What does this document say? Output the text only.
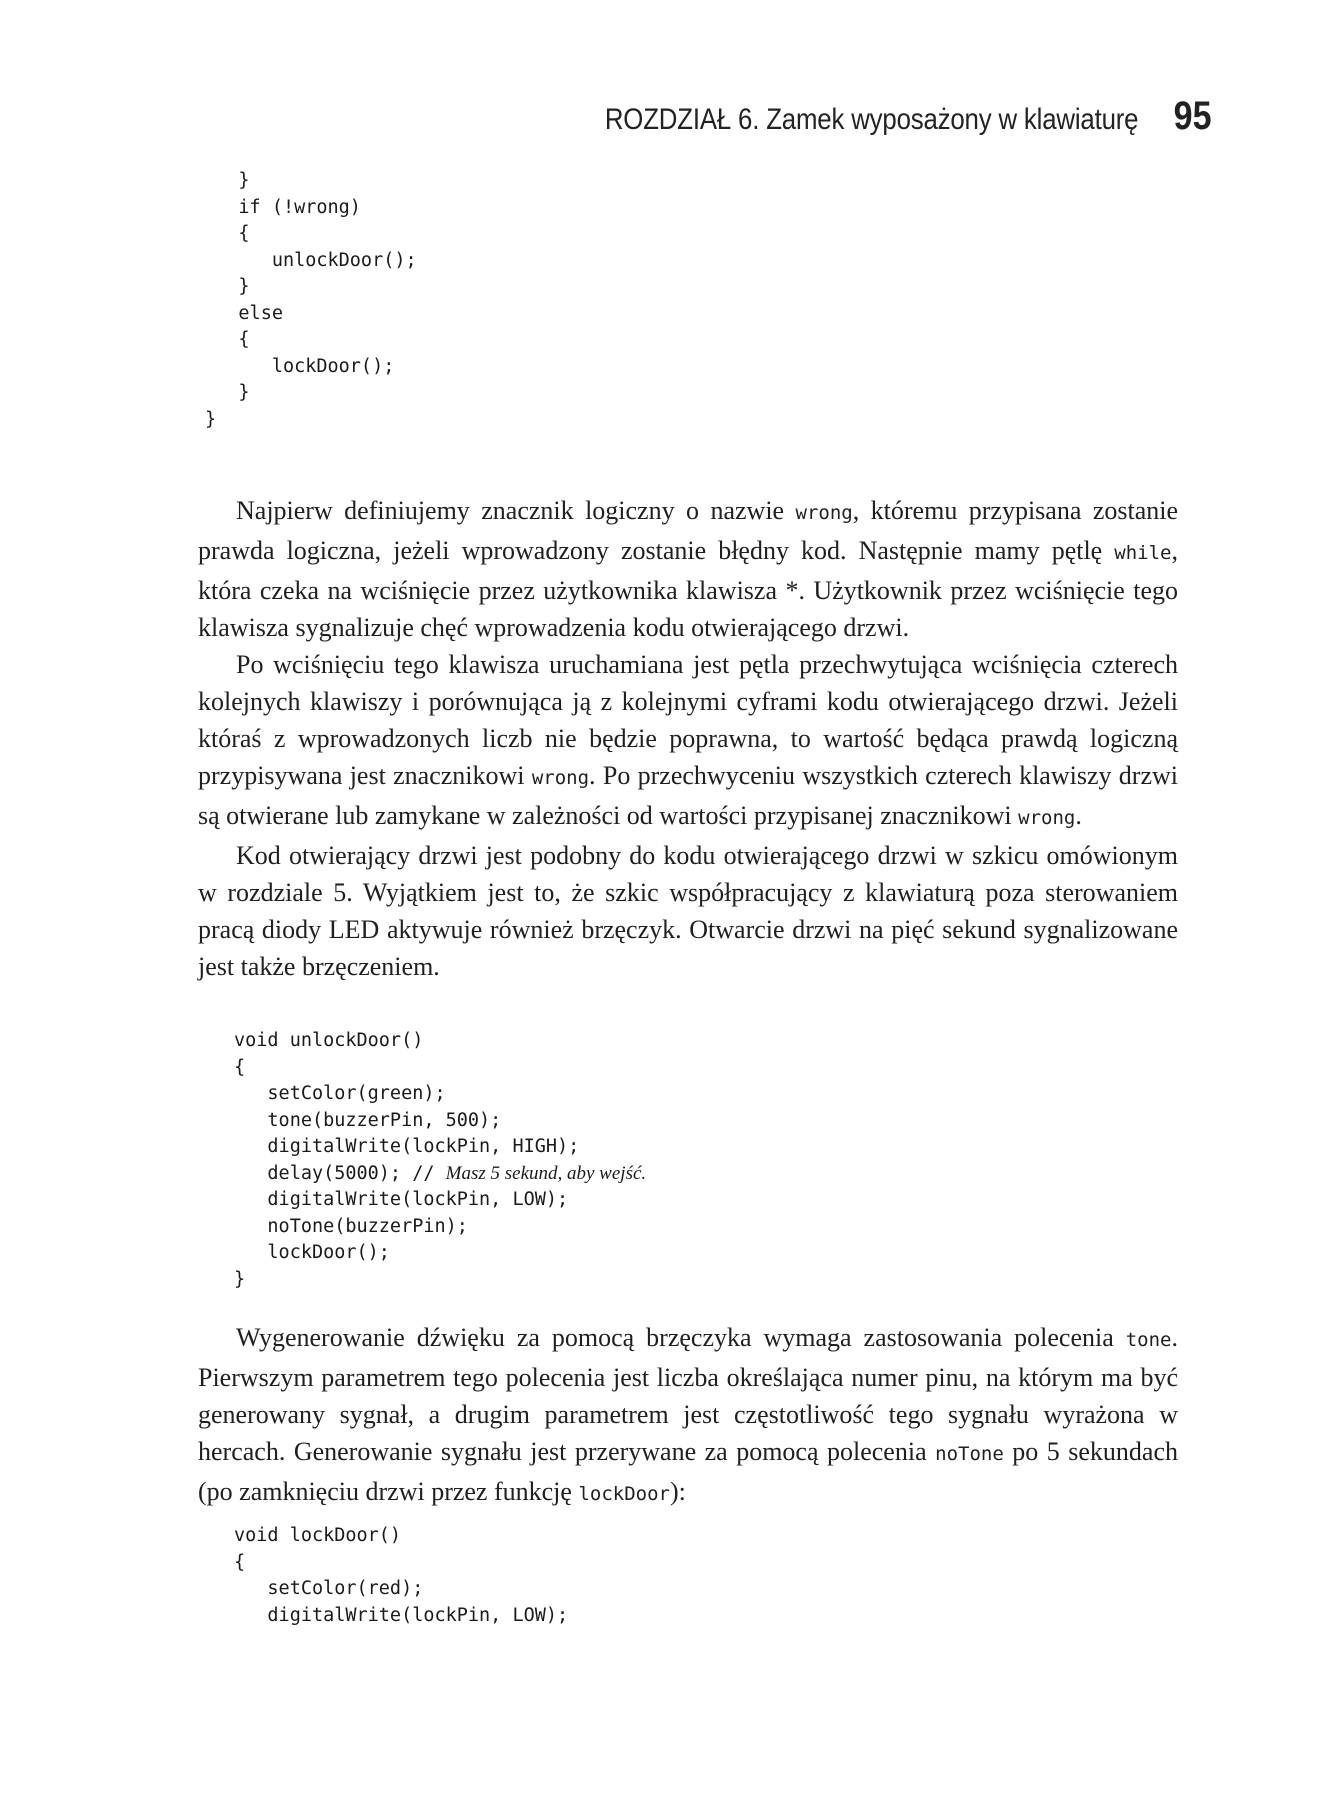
ROZDZIAŁ 6. Zamek wyposażony w klawiaturę 95
}
if (!wrong)
{
unlockDoor();
}
else
{
lockDoor();
}
}

Najpierw definiujemy znacznik logiczny o nazwie wrong, któremu przypisana zostanie prawda logiczna, jeżeli wprowadzony zostanie błędny kod. Następnie mamy pętlę while, która czeka na wciśnięcie przez użytkownika klawisza *. Użytkownik przez wciśnięcie tego klawisza sygnalizuje chęć wprowadzenia kodu otwierającego drzwi.

Po wciśnięciu tego klawisza uruchamiana jest pętla przechwytująca wciśnięcia czterech kolejnych klawiszy i porównująca ją z kolejnymi cyframi kodu otwierającego drzwi. Jeżeli któraś z wprowadzonych liczb nie będzie poprawna, to wartość będąca prawdą logiczną przypisywana jest znacznikowi wrong. Po przechwyceniu wszystkich czterech klawiszy drzwi są otwierane lub zamykane w zależności od wartości przypisanej znacznikowi wrong.

Kod otwierający drzwi jest podobny do kodu otwierającego drzwi w szkicu omówionym w rozdziale 5. Wyjątkiem jest to, że szkic współpracujący z klawiaturą poza sterowaniem pracą diody LED aktywuje również brzęczyk. Otwarcie drzwi na pięć sekund sygnalizowane jest także brzęczeniem.

void unlockDoor()
{
setColor(green);
tone(buzzerPin, 500);
digitalWrite(lockPin, HIGH);
delay(5000); // Masz 5 sekund, aby wejść.
digitalWrite(lockPin, LOW);
noTone(buzzerPin);
lockDoor();
}

Wygenerowanie dźwięku za pomocą brzęczyka wymaga zastosowania polecenia tone. Pierwszym parametrem tego polecenia jest liczba określająca numer pinu, na którym ma być generowany sygnał, a drugim parametrem jest częstotliwość tego sygnału wyrażona w hercach. Generowanie sygnału jest przerywane za pomocą polecenia noTone po 5 sekundach (po zamknięciu drzwi przez funkcję lockDoor):

void lockDoor()
{
setColor(red);
digitalWrite(lockPin, LOW);
